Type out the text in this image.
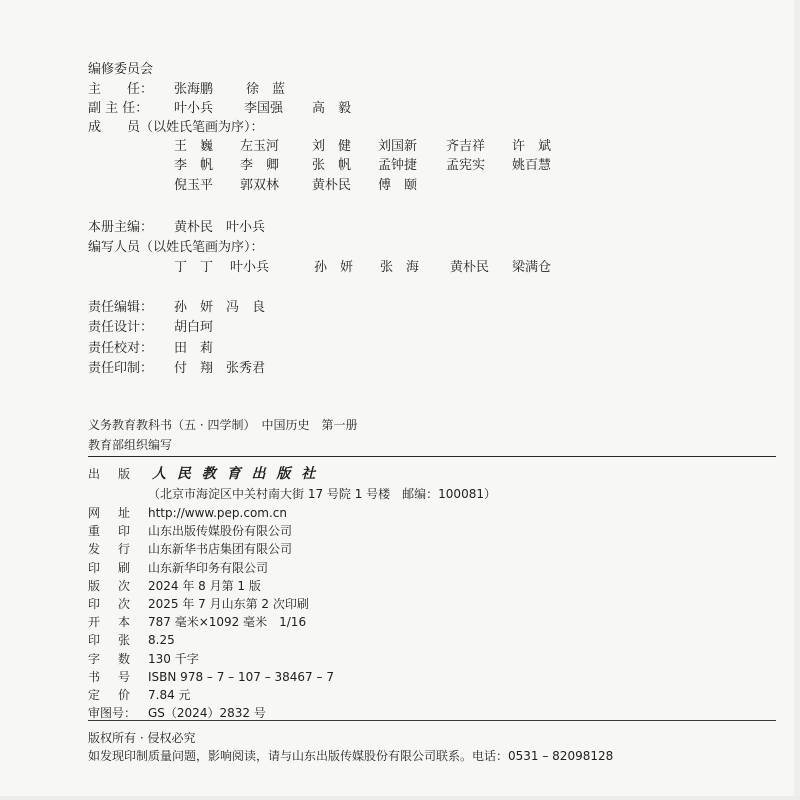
编修委员会
主　　任： 张海鹏	徐　蓝
副 主 任： 叶小兵 李国强 高　毅
成　　员（以姓氏笔画为序）：
王　巍 左玉河	刘　健 刘国新 齐吉祥 许　斌
李　帆 李　卿	张　帆 孟钟捷 孟宪实 姚百慧
倪玉平 郭双林	黄朴民 傅　颐
本册主编： 黄朴民　叶小兵
编写人员（以姓氏笔画为序）：
丁　丁 叶小兵	孙　妍 张　海 黄朴民 梁满仓
责任编辑： 孙　妍　冯　良
责任设计： 胡白珂
责任校对： 田　莉
责任印制： 付　翔　张秀君
义务教育教科书（五 · 四学制）　中国历史　第一册
教育部组织编写
出 版 人 民 教 育 出 版 社
（北京市海淀区中关村南大街 17 号院 1 号楼　邮编：100081）
网 址 http://www.pep.com.cn
重 印 山东出版传媒股份有限公司
发 行 山东新华书店集团有限公司
印 刷 山东新华印务有限公司
版 次 2024 年 8 月第 1 版
印 次 2025 年 7 月山东第 2 次印刷
开 本 787 毫米×1092 毫米　1/16
印 张 8.25
字 数 130 千字
书 号 ISBN 978 – 7 – 107 – 38467 – 7
定 价 7.84 元
审图号： GS（2024）2832 号
版权所有 · 侵权必究
如发现印制质量问题，影响阅读，请与山东出版传媒股份有限公司联系。电话：0531 – 82098128
